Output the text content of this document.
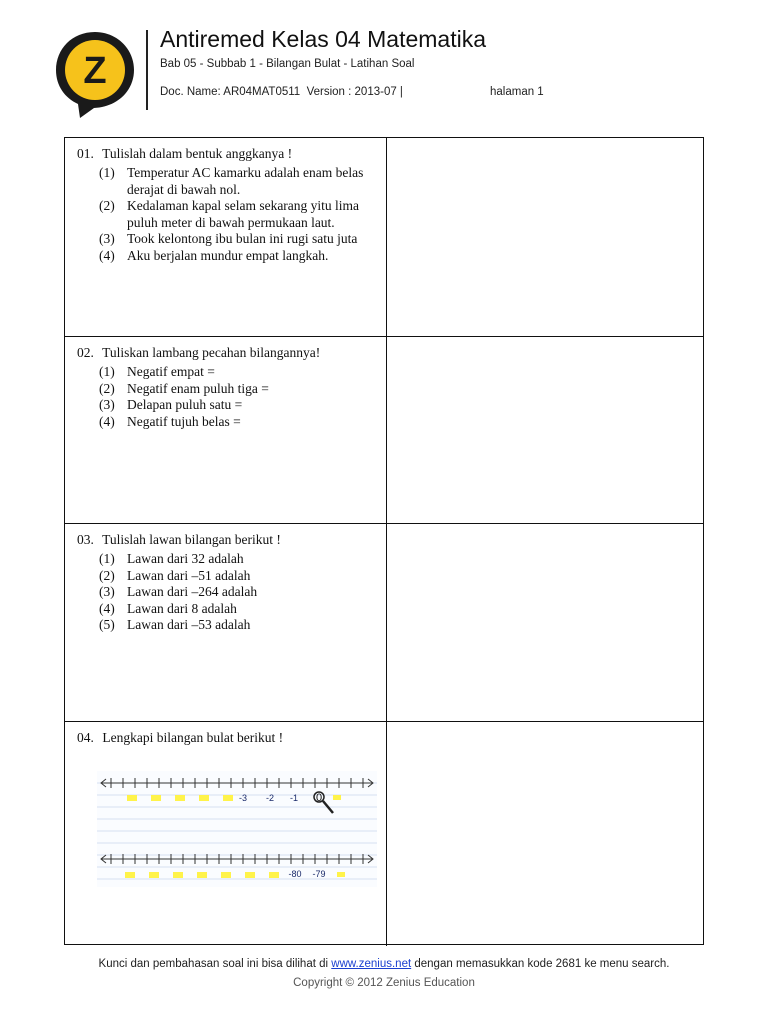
Z
Antiremed Kelas 04 Matematika
Bab 05 - Subbab 1 - Bilangan Bulat - Latihan Soal
Doc. Name: AR04MAT0511 Version : 2013-07 |	halaman 1
01. Tulislah dalam bentuk anggkanya !
(1) Temperatur AC kamarku adalah enam belas derajat di bawah nol.
(2) Kedalaman kapal selam sekarang yitu lima puluh meter di bawah permukaan laut.
(3) Took kelontong ibu bulan ini rugi satu juta
(4) Aku berjalan mundur empat langkah.
02. Tuliskan lambang pecahan bilangannya!
(1) Negatif empat =
(2) Negatif enam puluh tiga =
(3) Delapan puluh satu =
(4) Negatif tujuh belas =
03. Tulislah lawan bilangan berikut !
(1) Lawan dari 32 adalah
(2) Lawan dari –51 adalah
(3) Lawan dari –264 adalah
(4) Lawan dari 8 adalah
(5) Lawan dari –53 adalah
04. Lengkapi bilangan bulat berikut !
-3 -2 -1 0
-80 -79
Kunci dan pembahasan soal ini bisa dilihat di www.zenius.net dengan memasukkan kode 2681 ke menu search.
Copyright © 2012 Zenius Education
